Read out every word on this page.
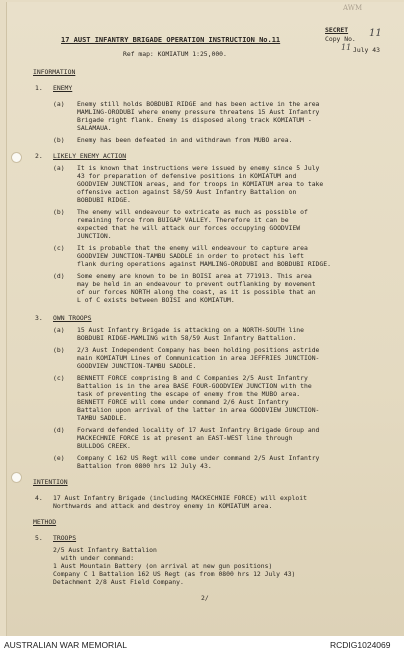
AWM
17 AUST INFANTRY BRIGADE OPERATION INSTRUCTION No.11
SECRET
Copy No. 11
11 July 43
Ref map: KOMIATUM 1:25,000.
INFORMATION
1. ENEMY
(a) Enemy still holds BOBDUBI RIDGE and has been active in the area
MAMLING-ORODUBI where enemy pressure threatens 15 Aust Infantry
Brigade right flank. Enemy is disposed along track KOMIATUM -
SALAMAUA.
(b) Enemy has been defeated in and withdrawn from MUBO area.
2. LIKELY ENEMY ACTION
(a) It is known that instructions were issued by enemy since 5 July
43 for preparation of defensive positions in KOMIATUM and
GOODVIEW JUNCTION areas, and for troops in KOMIATUM area to take
offensive action against 58/59 Aust Infantry Battalion on
BOBDUBI RIDGE.
(b) The enemy will endeavour to extricate as much as possible of
remaining force from BUIGAP VALLEY. Therefore it can be
expected that he will attack our forces occupying GOODVIEW
JUNCTION.
(c) It is probable that the enemy will endeavour to capture area
GOODVIEW JUNCTION-TAMBU SADDLE in order to protect his left
flank during operations against MAMLING-ORODUBI and BOBDUBI RIDGE.
(d) Some enemy are known to be in BOISI area at 771913. This area
may be held in an endeavour to prevent outflanking by movement
of our forces NORTH along the coast, as it is possible that an
L of C exists between BOISI and KOMIATUM.
3. OWN TROOPS
(a) 15 Aust Infantry Brigade is attacking on a NORTH-SOUTH line
BOBDUBI RIDGE-MAMLING with 58/59 Aust Infantry Battalion.
(b) 2/3 Aust Independent Company has been holding positions astride
main KOMIATUM Lines of Communication in area JEFFRIES JUNCTION-
GOODVIEW JUNCTION-TAMBU SADDLE.
(c) BENNETT FORCE comprising B and C Companies 2/5 Aust Infantry
Battalion is in the area BASE FOUR-GOODVIEW JUNCTION with the
task of preventing the escape of enemy from the MUBO area.
BENNETT FORCE will come under command 2/6 Aust Infantry
Battalion upon arrival of the latter in area GOODVIEW JUNCTION-
TAMBU SADDLE.
(d) Forward defended locality of 17 Aust Infantry Brigade Group and
MACKECHNIE FORCE is at present an EAST-WEST line through
BULLDOG CREEK.
(e) Company C 162 US Regt will come under command 2/5 Aust Infantry
Battalion from 0800 hrs 12 July 43.
INTENTION
4. 17 Aust Infantry Brigade (including MACKECHNIE FORCE) will exploit
Northwards and attack and destroy enemy in KOMIATUM area.
METHOD
5. TROOPS
2/5 Aust Infantry Battalion
with under command:
1 Aust Mountain Battery (on arrival at new gun positions)
Company C 1 Battalion 162 US Regt (as from 0800 hrs 12 July 43)
Detachment 2/8 Aust Field Company.
2/
AUSTRALIAN WAR MEMORIAL	RCDIG1024069
